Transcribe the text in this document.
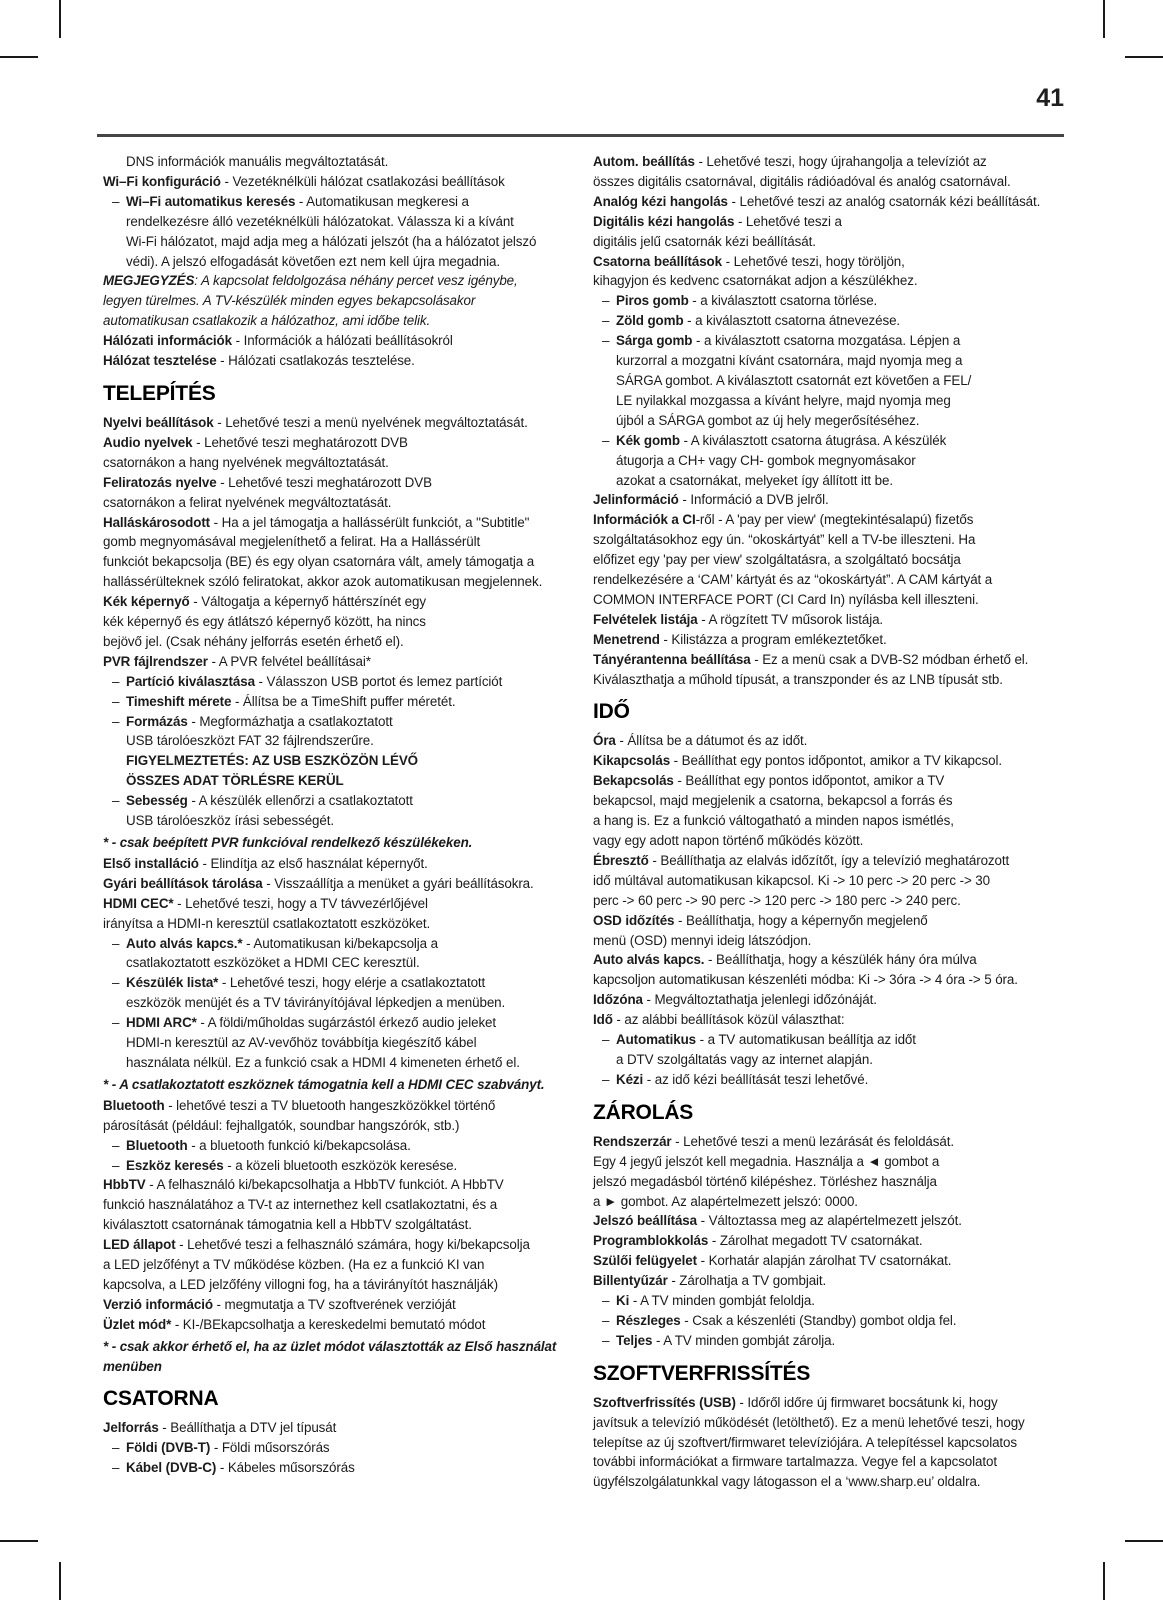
41
DNS információk manuális megváltoztatását.
Wi–Fi konfiguráció - Vezetéknélküli hálózat csatlakozási beállítások
– Wi–Fi automatikus keresés - Automatikusan megkeresi a
rendelkezésre álló vezetéknélküli hálózatokat. Válassza ki a kívánt
Wi-Fi hálózatot, majd adja meg a hálózati jelszót (ha a hálózatot jelszó
védi). A jelszó elfogadását követően ezt nem kell újra megadnia.
MEGJEGYZÉS: A kapcsolat feldolgozása néhány percet vesz igénybe,
legyen türelmes. A TV-készülék minden egyes bekapcsolásakor
automatikusan csatlakozik a hálózathoz, ami időbe telik.
Hálózati információk - Információk a hálózati beállításokról
Hálózat tesztelése - Hálózati csatlakozás tesztelése.
TELEPÍTÉS
Nyelvi beállítások - Lehetővé teszi a menü nyelvének megváltoztatását.
Audio nyelvek - Lehetővé teszi meghatározott DVB
csatornákon a hang nyelvének megváltoztatását.
Feliratozás nyelve - Lehetővé teszi meghatározott DVB
csatornákon a felirat nyelvének megváltoztatását.
Halláskárosodott - Ha a jel támogatja a hallássérült funkciót, a "Subtitle"
gomb megnyomásával megjeleníthető a felirat. Ha a Hallássérült
funkciót bekapcsolja (BE) és egy olyan csatornára vált, amely támogatja a
hallássérülteknek szóló feliratokat, akkor azok automatikusan megjelennek.
Kék képernyő - Váltogatja a képernyő háttérszínét egy
kék képernyő és egy átlátszó képernyő között, ha nincs
bejövő jel. (Csak néhány jelforrás esetén érhető el).
PVR fájlrendszer - A PVR felvétel beállításai*
– Partíció kiválasztása - Válasszon USB portot és lemez partíciót
– Timeshift mérete - Állítsa be a TimeShift puffer méretét.
– Formázás - Megformázhatja a csatlakoztatott
USB tárolóeszközt FAT 32 fájlrendszerűre.
FIGYELMEZTETÉS: AZ USB ESZKÖZÖN LÉVŐ
ÖSSZES ADAT TÖRLÉSRE KERÜL
– Sebesség - A készülék ellenőrzi a csatlakoztatott
USB tárolóeszköz írási sebességét.
* - csak beépített PVR funkcióval rendelkező készülékeken.
Első installáció - Elindítja az első használat képernyőt.
Gyári beállítások tárolása - Visszaállítja a menüket a gyári beállításokra.
HDMI CEC* - Lehetővé teszi, hogy a TV távvezérlőjével
irányítsa a HDMI-n keresztül csatlakoztatott eszközöket.
– Auto alvás kapcs.* - Automatikusan ki/bekapcsolja a
csatlakoztatott eszközöket a HDMI CEC keresztül.
– Készülék lista* - Lehetővé teszi, hogy elérje a csatlakoztatott
eszközök menüjét és a TV távirányítójával lépkedjen a menüben.
– HDMI ARC* - A földi/műholdas sugárzástól érkező audio jeleket
HDMI-n keresztül az AV-vevőhöz továbbítja kiegészítő kábel
használata nélkül. Ez a funkció csak a HDMI 4 kimeneten érhető el.
* - A csatlakoztatott eszköznek támogatnia kell a HDMI CEC szabványt.
Bluetooth - lehetővé teszi a TV bluetooth hangeszközökkel történő
párosítását (például: fejhallgatók, soundbar hangszórók, stb.)
– Bluetooth - a bluetooth funkció ki/bekapcsolása.
– Eszköz keresés - a közeli bluetooth eszközök keresése.
HbbTV - A felhasználó ki/bekapcsolhatja a HbbTV funkciót. A HbbTV
funkció használatához a TV-t az internethez kell csatlakoztatni, és a
kiválasztott csatornának támogatnia kell a HbbTV szolgáltatást.
LED állapot - Lehetővé teszi a felhasználó számára, hogy ki/bekapcsolja
a LED jelzőfényt a TV működése közben. (Ha ez a funkció KI van
kapcsolva, a LED jelzőfény villogni fog, ha a távirányítót használják)
Verzió információ - megmutatja a TV szoftverének verzióját
Üzlet mód* - KI-/BEkapcsolhatja a kereskedelmi bemutató módot
* - csak akkor érhető el, ha az üzlet módot választották az Első használat
menüben
CSATORNA
Jelforrás - Beállíthatja a DTV jel típusát
– Földi (DVB-T) - Földi műsorszórás
– Kábel (DVB-C) - Kábeles műsorszórás
Autom. beállítás - Lehetővé teszi, hogy újrahangolja a televíziót az
összes digitális csatornával, digitális rádióadóval és analóg csatornával.
Analóg kézi hangolás - Lehetővé teszi az analóg csatornák kézi beállítását.
Digitális kézi hangolás - Lehetővé teszi a
digitális jelű csatornák kézi beállítását.
Csatorna beállítások - Lehetővé teszi, hogy töröljön,
kihagyjon és kedvenc csatornákat adjon a készülékhez.
– Piros gomb - a kiválasztott csatorna törlése.
– Zöld gomb - a kiválasztott csatorna átnevezése.
– Sárga gomb - a kiválasztott csatorna mozgatása. Lépjen a
kurzorral a mozgatni kívánt csatornára, majd nyomja meg a
SÁRGA gombot. A kiválasztott csatornát ezt követően a FEL/
LE nyilakkal mozgassa a kívánt helyre, majd nyomja meg
újból a SÁRGA gombot az új hely megerősítéséhez.
– Kék gomb - A kiválasztott csatorna átugrása. A készülék
átugorja a CH+ vagy CH- gombok megnyomásakor
azokat a csatornákat, melyeket így állított itt be.
Jelinformáció - Információ a DVB jelről.
Információk a CI-ről - A 'pay per view' (megtekintésalapú) fizetős
szolgáltatásokhoz egy ún. “okoskártyát” kell a TV-be illeszteni. Ha
előfizet egy 'pay per view' szolgáltatásra, a szolgáltató bocsátja
rendelkezésére a ‘CAM’ kártyát és az “okoskártyát”. A CAM kártyát a
COMMON INTERFACE PORT (CI Card In) nyílásba kell illeszteni.
Felvételek listája - A rögzített TV műsorok listája.
Menetrend - Kilistázza a program emlékeztetőket.
Tányérantenna beállítása - Ez a menü csak a DVB-S2 módban érhető el.
Kiválaszthatja a műhold típusát, a transzponder és az LNB típusát stb.
IDŐ
Óra - Állítsa be a dátumot és az időt.
Kikapcsolás - Beállíthat egy pontos időpontot, amikor a TV kikapcsol.
Bekapcsolás - Beállíthat egy pontos időpontot, amikor a TV
bekapcsol, majd megjelenik a csatorna, bekapcsol a forrás és
a hang is. Ez a funkció váltogatható a minden napos ismétlés,
vagy egy adott napon történő működés között.
Ébresztő - Beállíthatja az elalvás időzítőt, így a televízió meghatározott
idő múltával automatikusan kikapcsol. Ki -> 10 perc -> 20 perc -> 30
perc -> 60 perc -> 90 perc -> 120 perc -> 180 perc -> 240 perc.
OSD időzítés - Beállíthatja, hogy a képernyőn megjelenő
menü (OSD) mennyi ideig látszódjon.
Auto alvás kapcs. - Beállíthatja, hogy a készülék hány óra múlva
kapcsoljon automatikusan készenléti módba: Ki -> 3óra -> 4 óra -> 5 óra.
Időzóna - Megváltoztathatja jelenlegi időzónáját.
Idő - az alábbi beállítások közül választhat:
– Automatikus - a TV automatikusan beállítja az időt
a DTV szolgáltatás vagy az internet alapján.
– Kézi - az idő kézi beállítását teszi lehetővé.
ZÁROLÁS
Rendszerzár - Lehetővé teszi a menü lezárását és feloldását.
Egy 4 jegyű jelszót kell megadnia. Használja a ◄ gombot a
jelszó megadásból történő kilépéshez. Törléshez használja
a ► gombot. Az alapértelmezett jelszó: 0000.
Jelszó beállítása - Változtassa meg az alapértelmezett jelszót.
Programblokkolás - Zárolhat megadott TV csatornákat.
Szülői felügyelet - Korhatár alapján zárolhat TV csatornákat.
Billentyűzár - Zárolhatja a TV gombjait.
– Ki - A TV minden gombját feloldja.
– Részleges - Csak a készenléti (Standby) gombot oldja fel.
– Teljes - A TV minden gombját zárolja.
SZOFTVERFRISSÍTÉS
Szoftverfrissítés (USB) - Időről időre új firmwaret bocsátunk ki, hogy
javítsuk a televízió működését (letölthető). Ez a menü lehetővé teszi, hogy
telepítse az új szoftvert/firmwaret televíziójára. A telepítéssel kapcsolatos
további információkat a firmware tartalmazza. Vegye fel a kapcsolatot
ügyfélszolgálatunkkal vagy látogasson el a ‘www.sharp.eu’ oldalra.
